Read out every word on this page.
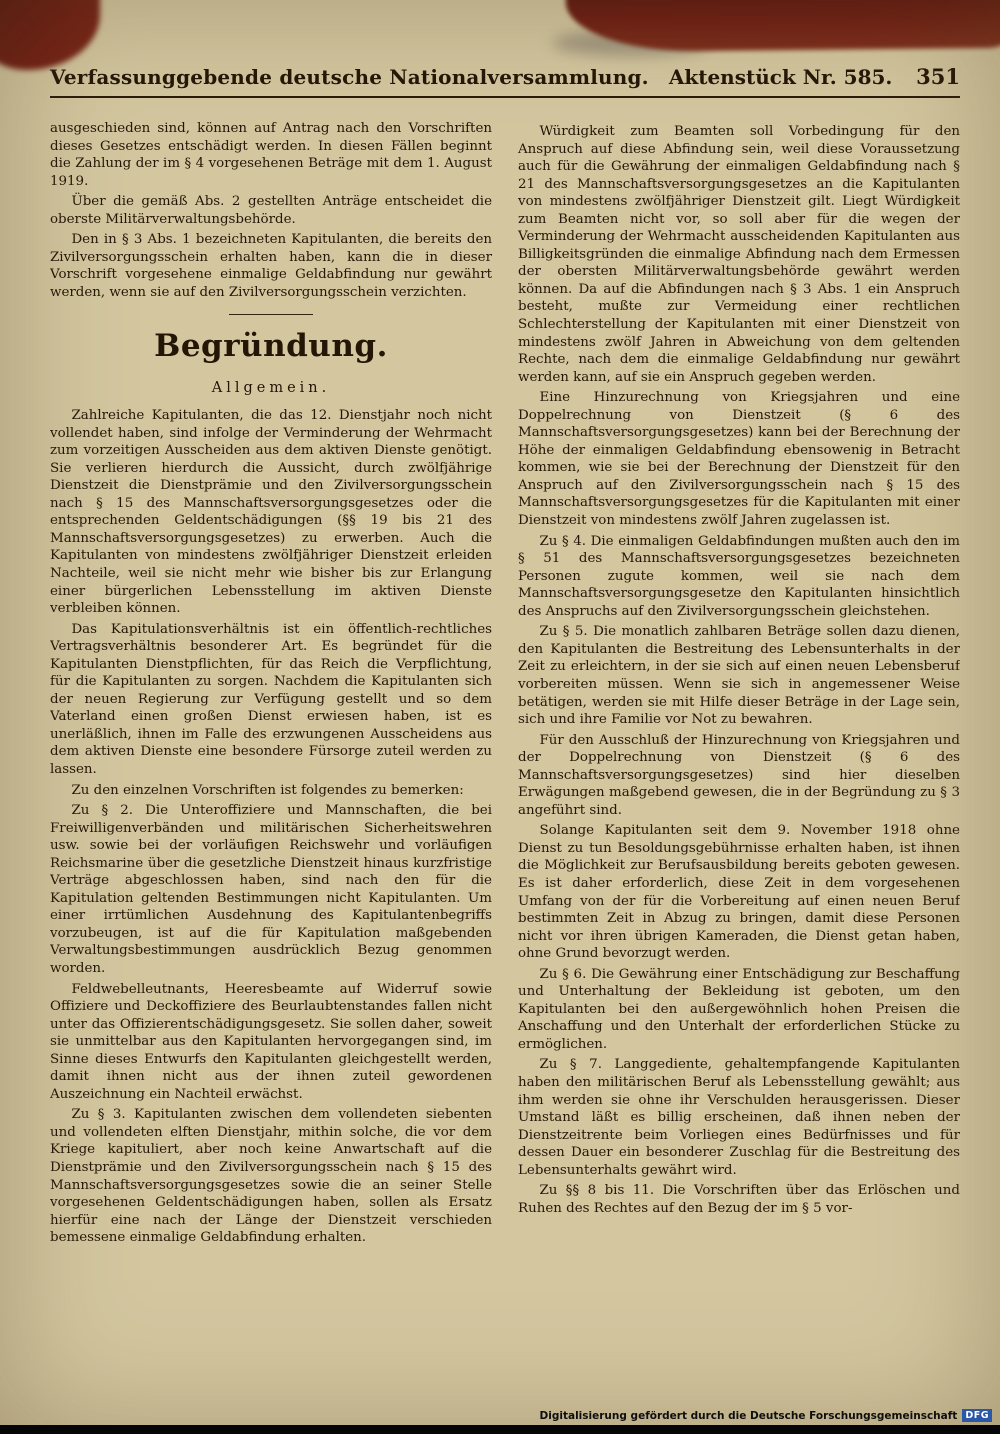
Verfassunggebende deutsche Nationalversammlung. Aktenstück Nr. 585. 351

ausgeschieden sind, können auf Antrag nach den Vorschriften dieses Gesetzes entschädigt werden. In diesen Fällen beginnt die Zahlung der im § 4 vorgesehenen Beträge mit dem 1. August 1919.

Über die gemäß Abs. 2 gestellten Anträge entscheidet die oberste Militärverwaltungsbehörde.

Den in § 3 Abs. 1 bezeichneten Kapitulanten, die bereits den Zivilversorgungsschein erhalten haben, kann die in dieser Vorschrift vorgesehene einmalige Geldabfindung nur gewährt werden, wenn sie auf den Zivilversorgungsschein verzichten.

Begründung.
Allgemein.

Zahlreiche Kapitulanten, die das 12. Dienstjahr noch nicht vollendet haben, sind infolge der Verminderung der Wehrmacht zum vorzeitigen Ausscheiden aus dem aktiven Dienste genötigt. Sie verlieren hierdurch die Aussicht, durch zwölfjährige Dienstzeit die Dienstprämie und den Zivilversorgungsschein nach § 15 des Mannschaftsversorgungsgesetzes oder die entsprechenden Geldentschädigungen (§§ 19 bis 21 des Mannschaftsversorgungsgesetzes) zu erwerben. Auch die Kapitulanten von mindestens zwölfjähriger Dienstzeit erleiden Nachteile, weil sie nicht mehr wie bisher bis zur Erlangung einer bürgerlichen Lebensstellung im aktiven Dienste verbleiben können.

Das Kapitulationsverhältnis ist ein öffentlich-rechtliches Vertragsverhältnis besonderer Art. Es begründet für die Kapitulanten Dienstpflichten, für das Reich die Verpflichtung, für die Kapitulanten zu sorgen. Nachdem die Kapitulanten sich der neuen Regierung zur Verfügung gestellt und so dem Vaterland einen großen Dienst erwiesen haben, ist es unerläßlich, ihnen im Falle des erzwungenen Ausscheidens aus dem aktiven Dienste eine besondere Fürsorge zuteil werden zu lassen.

Zu den einzelnen Vorschriften ist folgendes zu bemerken:

Zu § 2. Die Unteroffiziere und Mannschaften, die bei Freiwilligenverbänden und militärischen Sicherheitswehren usw. sowie bei der vorläufigen Reichswehr und vorläufigen Reichsmarine über die gesetzliche Dienstzeit hinaus kurzfristige Verträge abgeschlossen haben, sind nach den für die Kapitulation geltenden Bestimmungen nicht Kapitulanten. Um einer irrtümlichen Ausdehnung des Kapitulantenbegriffs vorzubeugen, ist auf die für Kapitulation maßgebenden Verwaltungsbestimmungen ausdrücklich Bezug genommen worden.

Feldwebelleutnants, Heeresbeamte auf Widerruf sowie Offiziere und Deckoffiziere des Beurlaubtenstandes fallen nicht unter das Offizierentschädigungsgesetz. Sie sollen daher, soweit sie unmittelbar aus den Kapitulanten hervorgegangen sind, im Sinne dieses Entwurfs den Kapitulanten gleichgestellt werden, damit ihnen nicht aus der ihnen zuteil gewordenen Auszeichnung ein Nachteil erwächst.

Zu § 3. Kapitulanten zwischen dem vollendeten siebenten und vollendeten elften Dienstjahr, mithin solche, die vor dem Kriege kapituliert, aber noch keine Anwartschaft auf die Dienstprämie und den Zivilversorgungsschein nach § 15 des Mannschaftsversorgungsgesetzes sowie die an seiner Stelle vorgesehenen Geldentschädigungen haben, sollen als Ersatz hierfür eine nach der Länge der Dienstzeit verschieden bemessene einmalige Geldabfindung erhalten.

Würdigkeit zum Beamten soll Vorbedingung für den Anspruch auf diese Abfindung sein, weil diese Voraussetzung auch für die Gewährung der einmaligen Geldabfindung nach § 21 des Mannschaftsversorgungsgesetzes an die Kapitulanten von mindestens zwölfjähriger Dienstzeit gilt. Liegt Würdigkeit zum Beamten nicht vor, so soll aber für die wegen der Verminderung der Wehrmacht ausscheidenden Kapitulanten aus Billigkeitsgründen die einmalige Abfindung nach dem Ermessen der obersten Militärverwaltungsbehörde gewährt werden können. Da auf die Abfindungen nach § 3 Abs. 1 ein Anspruch besteht, mußte zur Vermeidung einer rechtlichen Schlechterstellung der Kapitulanten mit einer Dienstzeit von mindestens zwölf Jahren in Abweichung von dem geltenden Rechte, nach dem die einmalige Geldabfindung nur gewährt werden kann, auf sie ein Anspruch gegeben werden.

Eine Hinzurechnung von Kriegsjahren und eine Doppelrechnung von Dienstzeit (§ 6 des Mannschaftsversorgungsgesetzes) kann bei der Berechnung der Höhe der einmaligen Geldabfindung ebensowenig in Betracht kommen, wie sie bei der Berechnung der Dienstzeit für den Anspruch auf den Zivilversorgungsschein nach § 15 des Mannschaftsversorgungsgesetzes für die Kapitulanten mit einer Dienstzeit von mindestens zwölf Jahren zugelassen ist.

Zu § 4. Die einmaligen Geldabfindungen mußten auch den im § 51 des Mannschaftsversorgungsgesetzes bezeichneten Personen zugute kommen, weil sie nach dem Mannschaftsversorgungsgesetze den Kapitulanten hinsichtlich des Anspruchs auf den Zivilversorgungsschein gleichstehen.

Zu § 5. Die monatlich zahlbaren Beträge sollen dazu dienen, den Kapitulanten die Bestreitung des Lebensunterhalts in der Zeit zu erleichtern, in der sie sich auf einen neuen Lebensberuf vorbereiten müssen. Wenn sie sich in angemessener Weise betätigen, werden sie mit Hilfe dieser Beträge in der Lage sein, sich und ihre Familie vor Not zu bewahren.

Für den Ausschluß der Hinzurechnung von Kriegsjahren und der Doppelrechnung von Dienstzeit (§ 6 des Mannschaftsversorgungsgesetzes) sind hier dieselben Erwägungen maßgebend gewesen, die in der Begründung zu § 3 angeführt sind.

Solange Kapitulanten seit dem 9. November 1918 ohne Dienst zu tun Besoldungsgebührnisse erhalten haben, ist ihnen die Möglichkeit zur Berufsausbildung bereits geboten gewesen. Es ist daher erforderlich, diese Zeit in dem vorgesehenen Umfang von der für die Vorbereitung auf einen neuen Beruf bestimmten Zeit in Abzug zu bringen, damit diese Personen nicht vor ihren übrigen Kameraden, die Dienst getan haben, ohne Grund bevorzugt werden.

Zu § 6. Die Gewährung einer Entschädigung zur Beschaffung und Unterhaltung der Bekleidung ist geboten, um den Kapitulanten bei den außergewöhnlich hohen Preisen die Anschaffung und den Unterhalt der erforderlichen Stücke zu ermöglichen.

Zu § 7. Langgediente, gehaltempfangende Kapitulanten haben den militärischen Beruf als Lebensstellung gewählt; aus ihm werden sie ohne ihr Verschulden herausgerissen. Dieser Umstand läßt es billig erscheinen, daß ihnen neben der Dienstzeitrente beim Vorliegen eines Bedürfnisses und für dessen Dauer ein besonderer Zuschlag für die Bestreitung des Lebensunterhalts gewährt wird.

Zu §§ 8 bis 11. Die Vorschriften über das Erlöschen und Ruhen des Rechtes auf den Bezug der im § 5 vor-

Digitalisierung gefördert durch die Deutsche Forschungsgemeinschaft DFG
